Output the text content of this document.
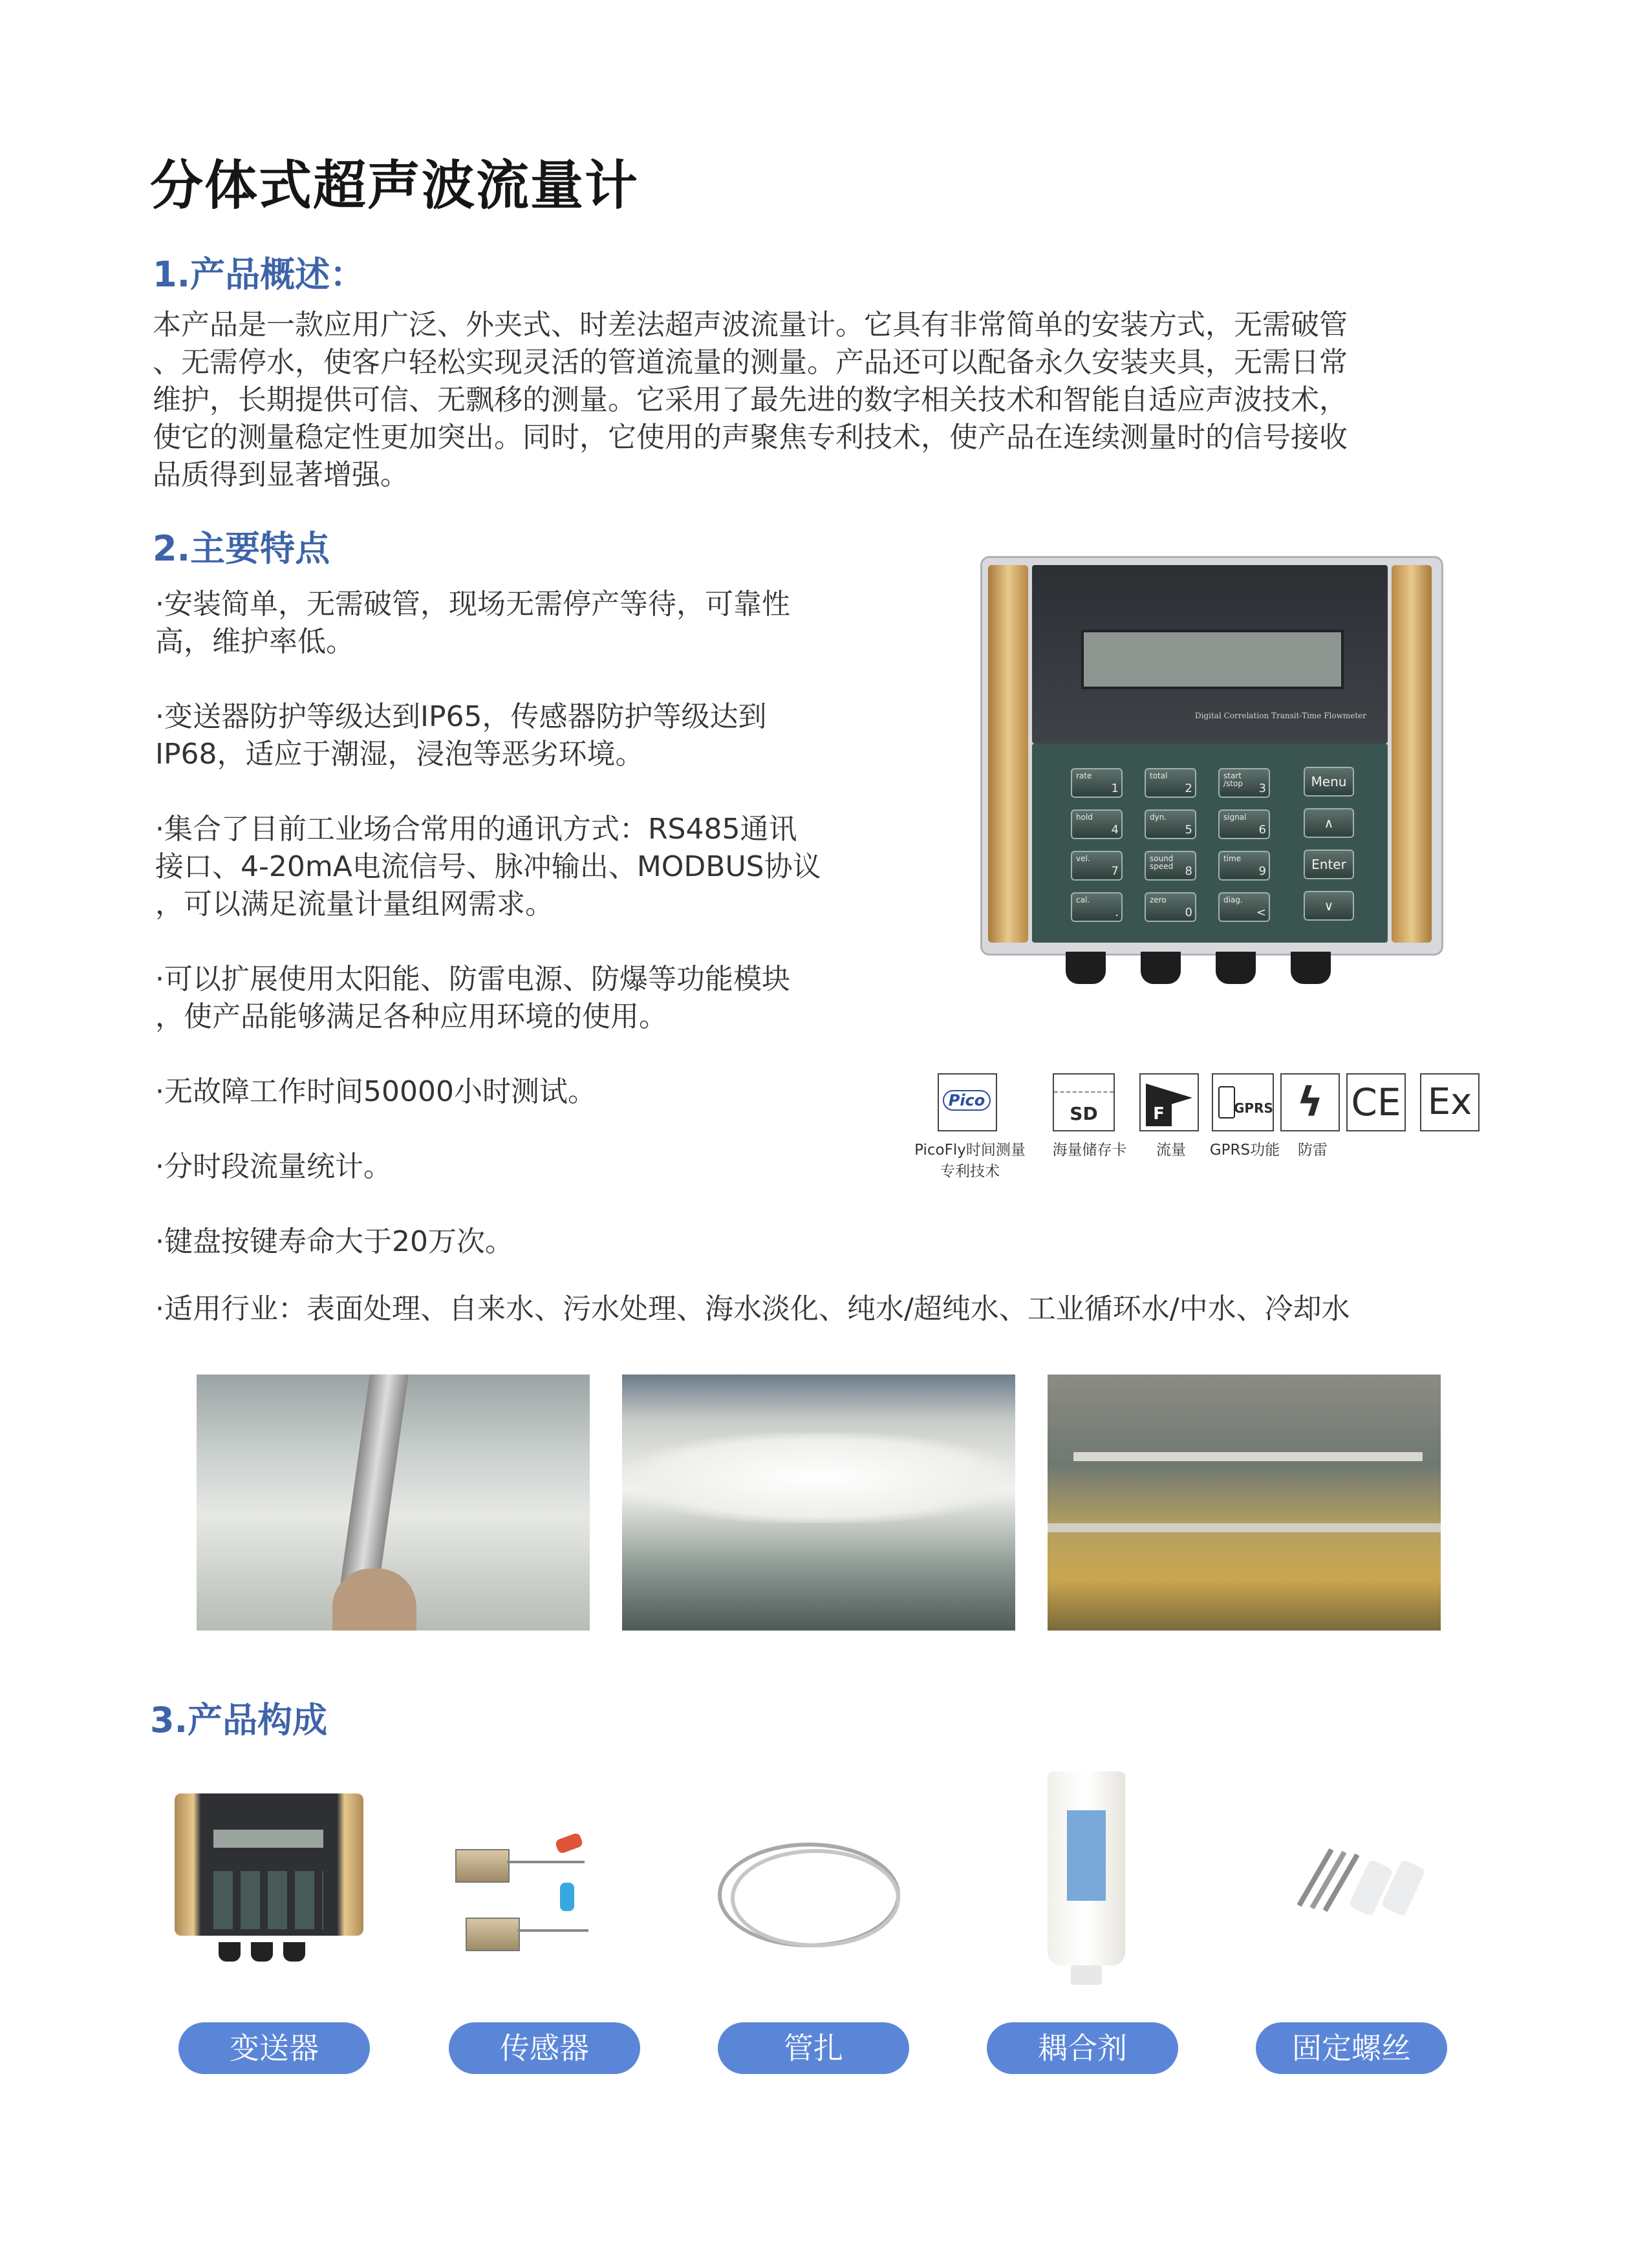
分体式超声波流量计
1.产品概述：
本产品是一款应用广泛、外夹式、时差法超声波流量计。它具有非常简单的安装方式，无需破管
、无需停水，使客户轻松实现灵活的管道流量的测量。产品还可以配备永久安装夹具，无需日常
维护，长期提供可信、无飘移的测量。它采用了最先进的数字相关技术和智能自适应声波技术，
使它的测量稳定性更加突出。同时，它使用的声聚焦专利技术，使产品在连续测量时的信号接收
品质得到显著增强。
2.主要特点
·安装简单，无需破管，现场无需停产等待，可靠性
高，维护率低。
·变送器防护等级达到IP65，传感器防护等级达到
IP68，适应于潮湿，浸泡等恶劣环境。
·集合了目前工业场合常用的通讯方式：RS485通讯
接口、4-20mA电流信号、脉冲输出、MODBUS协议
，可以满足流量计量组网需求。
·可以扩展使用太阳能、防雷电源、防爆等功能模块
，使产品能够满足各种应用环境的使用。
·无故障工作时间50000小时测试。
·分时段流量统计。
·键盘按键寿命大于20万次。
·适用行业：表面处理、自来水、污水处理、海水淡化、纯水/超纯水、工业循环水/中水、冷却水
Digital Correlation Transit-Time Flowmeter
rate
1
total
2
start /stop	3
hold
4
dyn.
5
signal
6
vel.
7
sound speed 8
time
9
cal.
.
zero
0
diag.
<
Menu
∧
Enter
∨
Pico
SD	F	GPRS ϟ CE Ex
PicoFly时间测量
专利技术
海量储存卡	流量	GPRS功能	防雷
3.产品构成
变送器	传感器	管扎	耦合剂	固定螺丝
